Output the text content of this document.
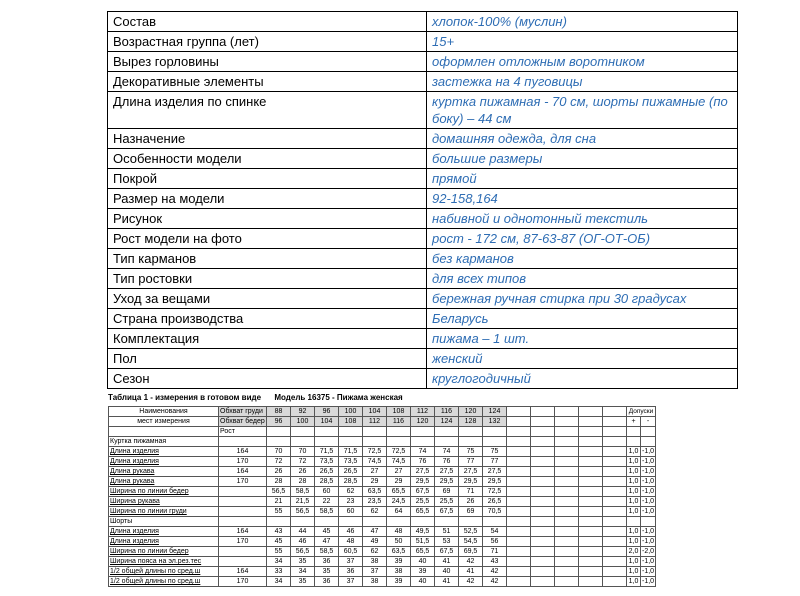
Состав	хлопок-100% (муслин)
Возрастная группа (лет)	15+
Вырез горловины	оформлен отложным воротником
Декоративные элементы	застежка на 4 пуговицы
Длина изделия по спинке	куртка пижамная - 70 см, шорты пижамные (по боку) – 44 см
Назначение	домашняя одежда, для сна
Особенности модели	большие размеры
Покрой	прямой
Размер на модели	92-158,164
Рисунок	набивной и однотонный текстиль
Рост модели на фото	рост - 172 см, 87-63-87 (ОГ-ОТ-ОБ)
Тип карманов	без карманов
Тип ростовки	для всех типов
Уход за вещами	бережная ручная стирка при 30 градусах
Страна производства	Беларусь
Комплектация	пижама – 1 шт.
Пол	женский
Сезон	круглогодичный
Таблица 1 - измерения в готовом виде Модель 16375 - Пижама женская
Наименования	Обхват груди	88	92	96	100	104	108	112	116	120	124						Допуски	
мест измерения	Обхват бедер	96	100	104	108	112	116	120	124	128	132						+	-
	Рост																	
Куртка пижамная																		
Длина изделия	164	70	70	71,5	71,5	72,5	72,5	74	74	75	75						1,0	-1,0
Длина изделия	170	72	72	73,5	73,5	74,5	74,5	76	76	77	77						1,0	-1,0
Длина рукава	164	26	26	26,5	26,5	27	27	27,5	27,5	27,5	27,5						1,0	-1,0
Длина рукава	170	28	28	28,5	28,5	29	29	29,5	29,5	29,5	29,5						1,0	-1,0
Ширина по линии бедер		56,5	58,5	60	62	63,5	65,5	67,5	69	71	72,5						1,0	-1,0
Ширина рукава		21	21,5	22	23	23,5	24,5	25,5	25,5	26	26,5						1,0	-1,0
Ширина по линии груди		55	56,5	58,5	60	62	64	65,5	67,5	69	70,5						1,0	-1,0
Шорты																		
Длина изделия	164	43	44	45	46	47	48	49,5	51	52,5	54						1,0	-1,0
Длина изделия	170	45	46	47	48	49	50	51,5	53	54,5	56						1,0	-1,0
Ширина по линии бедер		55	56,5	58,5	60,5	62	63,5	65,5	67,5	69,5	71						2,0	-2,0
Ширина пояса на эл.рез.тес		34	35	36	37	38	39	40	41	42	43						1,0	-1,0
1/2 общей длины по сред.ш	164	33	34	35	36	37	38	39	40	41	42						1,0	-1,0
1/2 общей длины по сред.ш	170	34	35	36	37	38	39	40	41	42	42						1,0	-1,0
